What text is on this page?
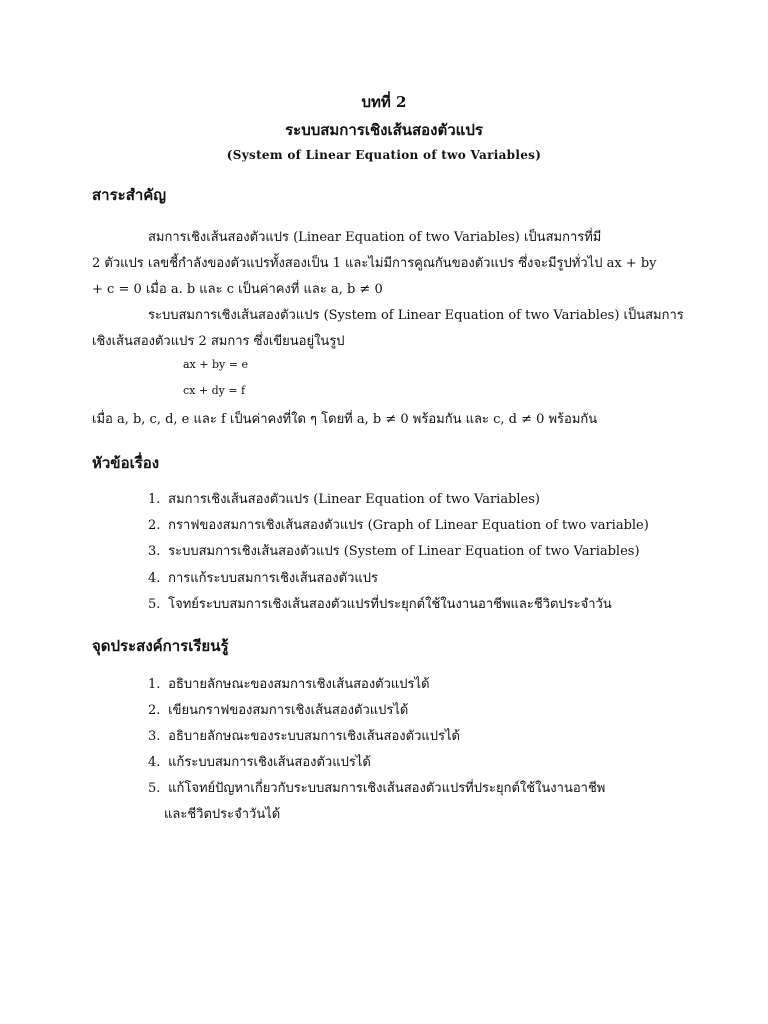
บทที่ 2
ระบบสมการเชิงเส้นสองตัวแปร
(System of Linear Equation of two Variables)
สาระสำคัญ
สมการเชิงเส้นสองตัวแปร (Linear Equation of two Variables) เป็นสมการที่มี
2 ตัวแปร เลขชี้กำลังของตัวแปรทั้งสองเป็น 1 และไม่มีการคูณกันของตัวแปร ซึ่งจะมีรูปทั่วไป ax + by
+ c = 0 เมื่อ a. b และ c เป็นค่าคงที่ และ a, b ≠ 0
ระบบสมการเชิงเส้นสองตัวแปร (System of Linear Equation of two Variables) เป็นสมการ
เชิงเส้นสองตัวแปร 2 สมการ ซึ่งเขียนอยู่ในรูป
ax + by = e
cx + dy = f
เมื่อ a, b, c, d, e และ f เป็นค่าคงที่ใด ๆ โดยที่ a, b ≠ 0 พร้อมกัน และ c, d ≠ 0 พร้อมกัน
หัวข้อเรื่อง
1. สมการเชิงเส้นสองตัวแปร (Linear Equation of two Variables)
2. กราฟของสมการเชิงเส้นสองตัวแปร (Graph of Linear Equation of two variable)
3. ระบบสมการเชิงเส้นสองตัวแปร (System of Linear Equation of two Variables)
4. การแก้ระบบสมการเชิงเส้นสองตัวแปร
5. โจทย์ระบบสมการเชิงเส้นสองตัวแปรที่ประยุกต์ใช้ในงานอาชีพและชีวิตประจำวัน
จุดประสงค์การเรียนรู้
1. อธิบายลักษณะของสมการเชิงเส้นสองตัวแปรได้
2. เขียนกราฟของสมการเชิงเส้นสองตัวแปรได้
3. อธิบายลักษณะของระบบสมการเชิงเส้นสองตัวแปรได้
4. แก้ระบบสมการเชิงเส้นสองตัวแปรได้
5. แก้โจทย์ปัญหาเกี่ยวกับระบบสมการเชิงเส้นสองตัวแปรที่ประยุกต์ใช้ในงานอาชีพ
และชีวิตประจำวันได้
